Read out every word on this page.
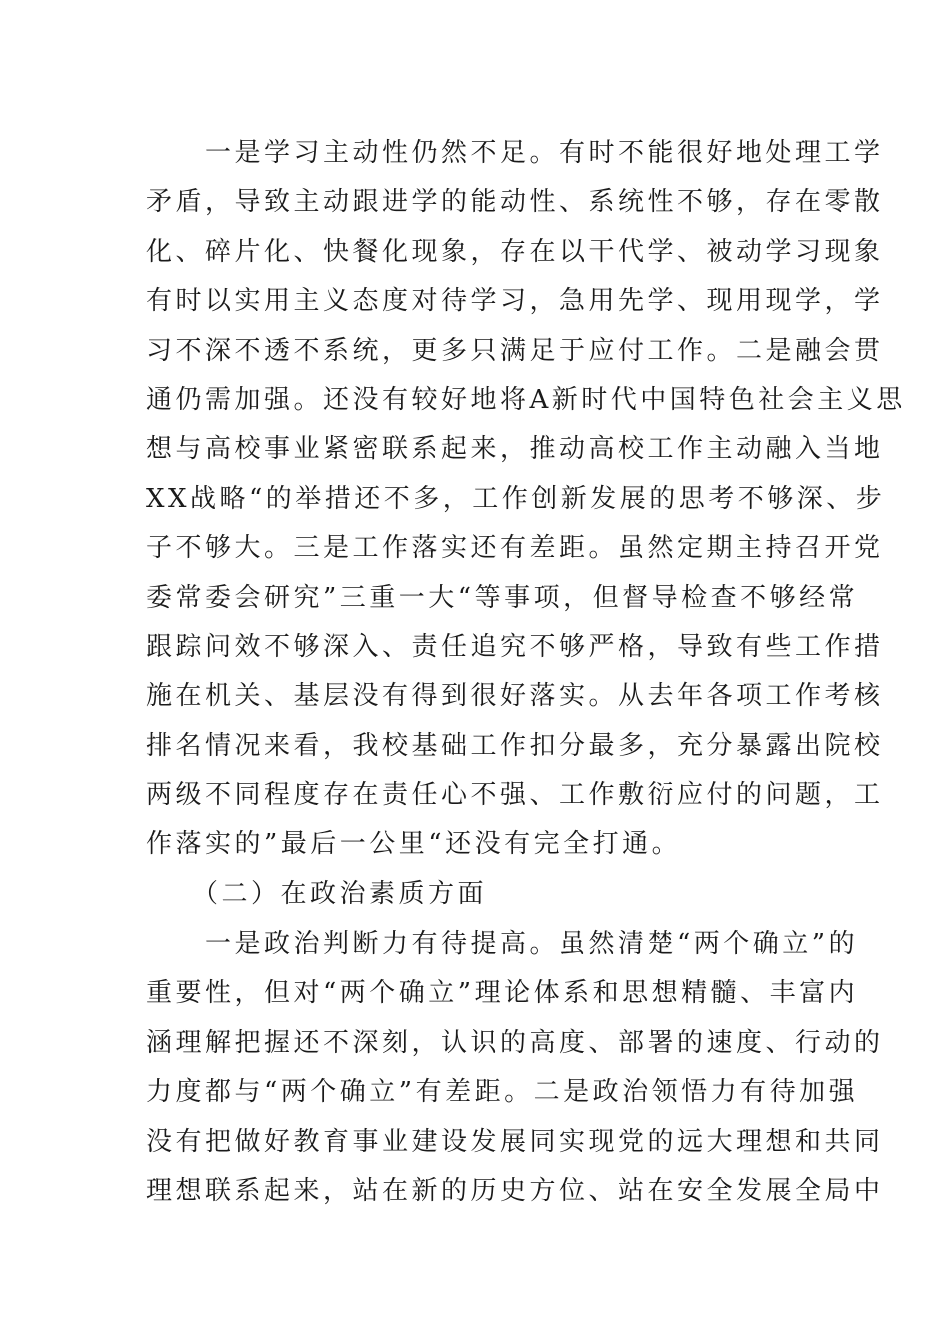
　　一是学习主动性仍然不足。有时不能很好地处理工学
矛盾，导致主动跟进学的能动性、系统性不够，存在零散
化、碎片化、快餐化现象，存在以干代学、被动学习现象
有时以实用主义态度对待学习，急用先学、现用现学，学
习不深不透不系统，更多只满足于应付工作。二是融会贯
通仍需加强。还没有较好地将A新时代中国特色社会主义思
想与高校事业紧密联系起来，推动高校工作主动融入当地
XX战略“的举措还不多，工作创新发展的思考不够深、步
子不够大。三是工作落实还有差距。虽然定期主持召开党
委常委会研究”三重一大“等事项，但督导检查不够经常
跟踪问效不够深入、责任追究不够严格，导致有些工作措
施在机关、基层没有得到很好落实。从去年各项工作考核
排名情况来看，我校基础工作扣分最多，充分暴露出院校
两级不同程度存在责任心不强、工作敷衍应付的问题，工
作落实的”最后一公里“还没有完全打通。
　　（二）在政治素质方面
　　一是政治判断力有待提高。虽然清楚“两个确立”的
重要性，但对“两个确立”理论体系和思想精髓、丰富内
涵理解把握还不深刻，认识的高度、部署的速度、行动的
力度都与“两个确立”有差距。二是政治领悟力有待加强
没有把做好教育事业建设发展同实现党的远大理想和共同
理想联系起来，站在新的历史方位、站在安全发展全局中
